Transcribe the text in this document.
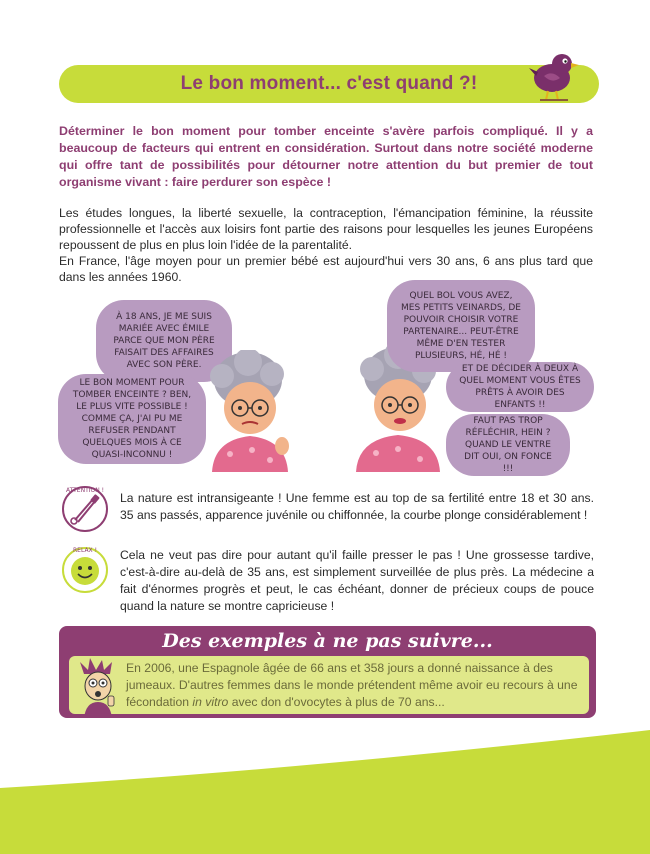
Le bon moment... c'est quand ?!

Déterminer le bon moment pour tomber enceinte s'avère parfois compliqué. Il y a beaucoup de facteurs qui entrent en considération. Surtout dans notre société moderne qui offre tant de possibilités pour détourner notre attention du but premier de tout organisme vivant : faire perdurer son espèce !

Les études longues, la liberté sexuelle, la contraception, l'émancipation féminine, la réussite professionnelle et l'accès aux loisirs font partie des raisons pour lesquelles les jeunes Européens repoussent de plus en plus loin l'idée de la parentalité.

En France, l'âge moyen pour un premier bébé est aujourd'hui vers 30 ans, 6 ans plus tard que dans les années 1960.

À 18 ANS, JE ME SUIS MARIÉE AVEC ÉMILE PARCE QUE MON PÈRE FAISAIT DES AFFAIRES AVEC SON PÈRE.
LE BON MOMENT POUR TOMBER ENCEINTE ? BEN, LE PLUS VITE POSSIBLE ! COMME ÇA, J'AI PU ME REFUSER PENDANT QUELQUES MOIS À CE QUASI-INCONNU !
QUEL BOL VOUS AVEZ, MES PETITS VEINARDS, DE POUVOIR CHOISIR VOTRE PARTENAIRE... PEUT-ÊTRE MÊME D'EN TESTER PLUSIEURS, HÉ, HÉ !
ET DE DÉCIDER À DEUX À QUEL MOMENT VOUS ÊTES PRÊTS À AVOIR DES ENFANTS !!
FAUT PAS TROP RÉFLÉCHIR, HEIN ? QUAND LE VENTRE DIT OUI, ON FONCE !!!
ATTENTION !
La nature est intransigeante ! Une femme est au top de sa fertilité entre 18 et 30 ans. 35 ans passés, apparence juvénile ou chiffonnée, la courbe plonge considérablement !
RELAX ! Cela ne veut pas dire pour autant qu'il faille presser le pas ! Une grossesse tardive, c'est-à-dire au-delà de 35 ans, est simplement surveillée de plus près. La médecine a fait d'énormes progrès et peut, le cas échéant, donner de précieux coups de pouce quand la nature se montre capricieuse !
Des exemples à ne pas suivre...

En 2006, une Espagnole âgée de 66 ans et 358 jours a donné naissance à des jumeaux. D'autres femmes dans le monde prétendent même avoir eu recours à une fécondation in vitro avec don d'ovocytes à plus de 70 ans...
